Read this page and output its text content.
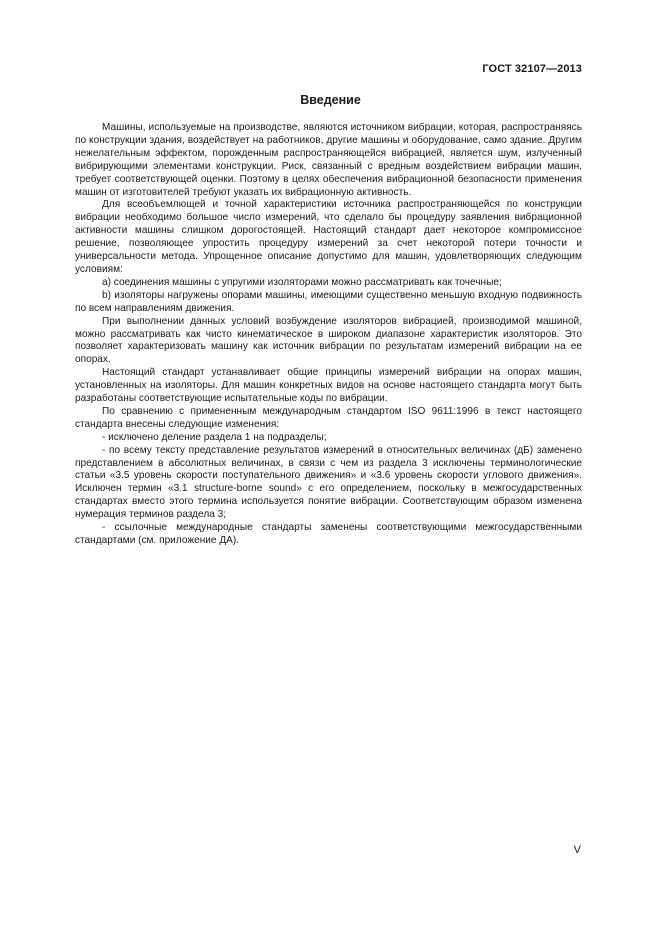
ГОСТ 32107—2013
Введение

Машины, используемые на производстве, являются источником вибрации, которая, распространяясь по конструкции здания, воздействует на работников, другие машины и оборудование, само здание. Другим нежелательным эффектом, порожденным распространяющейся вибрацией, является шум, излученный вибрирующими элементами конструкции. Риск, связанный с вредным воздействием вибрации машин, требует соответствующей оценки. Поэтому в целях обеспечения вибрационной безопасности применения машин от изготовителей требуют указать их вибрационную активность.

Для всеобъемлющей и точной характеристики источника распространяющейся по конструкции вибрации необходимо большое число измерений, что сделало бы процедуру заявления вибрационной активности машины слишком дорогостоящей. Настоящий стандарт дает некоторое компромиссное решение, позволяющее упростить процедуру измерений за счет некоторой потери точности и универсальности метода. Упрощенное описание допустимо для машин, удовлетворяющих следующим условиям:

а) соединения машины с упругими изоляторами можно рассматривать как точечные;

b) изоляторы нагружены опорами машины, имеющими существенно меньшую входную подвижность по всем направлениям движения.

При выполнении данных условий возбуждение изоляторов вибрацией, производимой машиной, можно рассматривать как чисто кинематическое в широком диапазоне характеристик изоляторов. Это позволяет характеризовать машину как источник вибрации по результатам измерений вибрации на ее опорах.

Настоящий стандарт устанавливает общие принципы измерений вибрации на опорах машин, установленных на изоляторы. Для машин конкретных видов на основе настоящего стандарта могут быть разработаны соответствующие испытательные коды по вибрации.

По сравнению с примененным международным стандартом ISO 9611:1996 в текст настоящего стандарта внесены следующие изменения:

- исключено деление раздела 1 на подразделы;

- по всему тексту представление результатов измерений в относительных величинах (дБ) заменено представлением в абсолютных величинах, в связи с чем из раздела 3 исключены терминологические статьи «3.5 уровень скорости поступательного движения» и «3.6 уровень скорости углового движения». Исключен термин «3.1 structure-borne sound» с его определением, поскольку в межгосударственных стандартах вместо этого термина используется понятие вибрации. Соответствующим образом изменена нумерация терминов раздела 3;

- ссылочные международные стандарты заменены соответствующими межгосударственными стандартами (см. приложение ДА).

V
